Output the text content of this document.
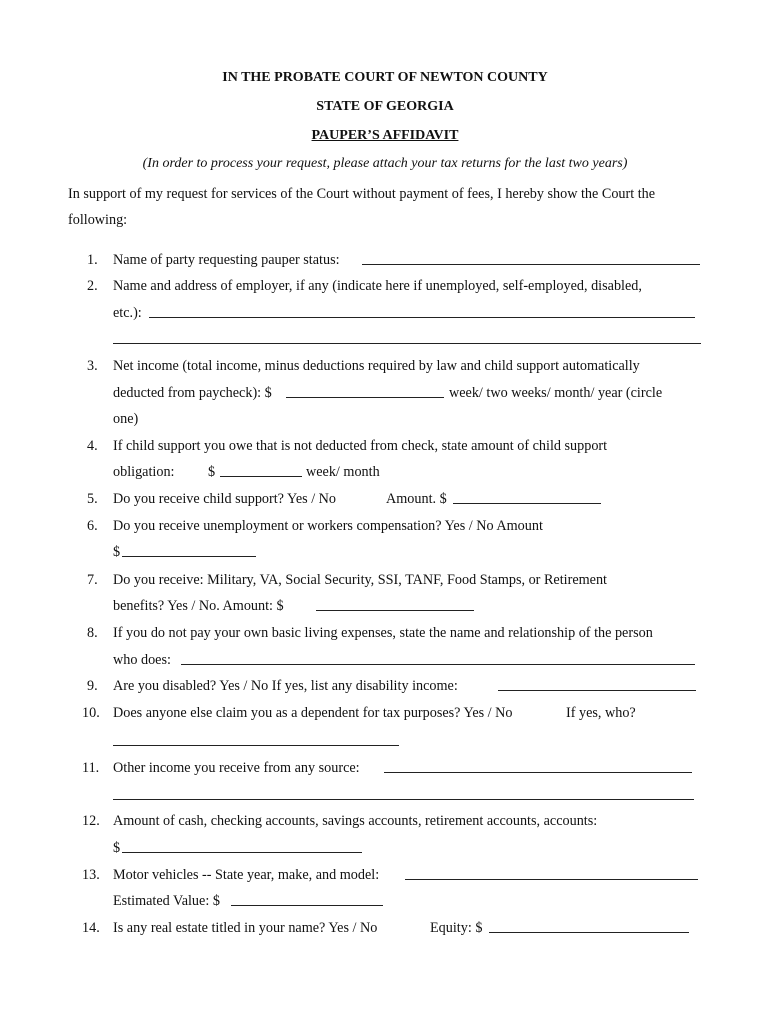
IN THE PROBATE COURT OF NEWTON COUNTY
STATE OF GEORGIA
PAUPER’S AFFIDAVIT
(In order to process your request, please attach your tax returns for the last two years)
In support of my request for services of the Court without payment of fees, I hereby show the Court the
following:
1. Name of party requesting pauper status:
2. Name and address of employer, if any (indicate here if unemployed, self-employed, disabled,
etc.):
3. Net income (total income, minus deductions required by law and child support automatically
deducted from paycheck): $	week/ two weeks/ month/ year (circle
one)
4. If child support you owe that is not deducted from check, state amount of child support
obligation: $	week/ month
5. Do you receive child support? Yes / No	Amount. $
6. Do you receive unemployment or workers compensation? Yes / No Amount
$
7. Do you receive: Military, VA, Social Security, SSI, TANF, Food Stamps, or Retirement
benefits? Yes / No. Amount: $
8. If you do not pay your own basic living expenses, state the name and relationship of the person
who does:
9. Are you disabled? Yes / No If yes, list any disability income:
10. Does anyone else claim you as a dependent for tax purposes? Yes / No	If yes, who?
11. Other income you receive from any source:
12. Amount of cash, checking accounts, savings accounts, retirement accounts, accounts:
$
13. Motor vehicles -- State year, make, and model:
Estimated Value: $
14. Is any real estate titled in your name? Yes / No	Equity: $
